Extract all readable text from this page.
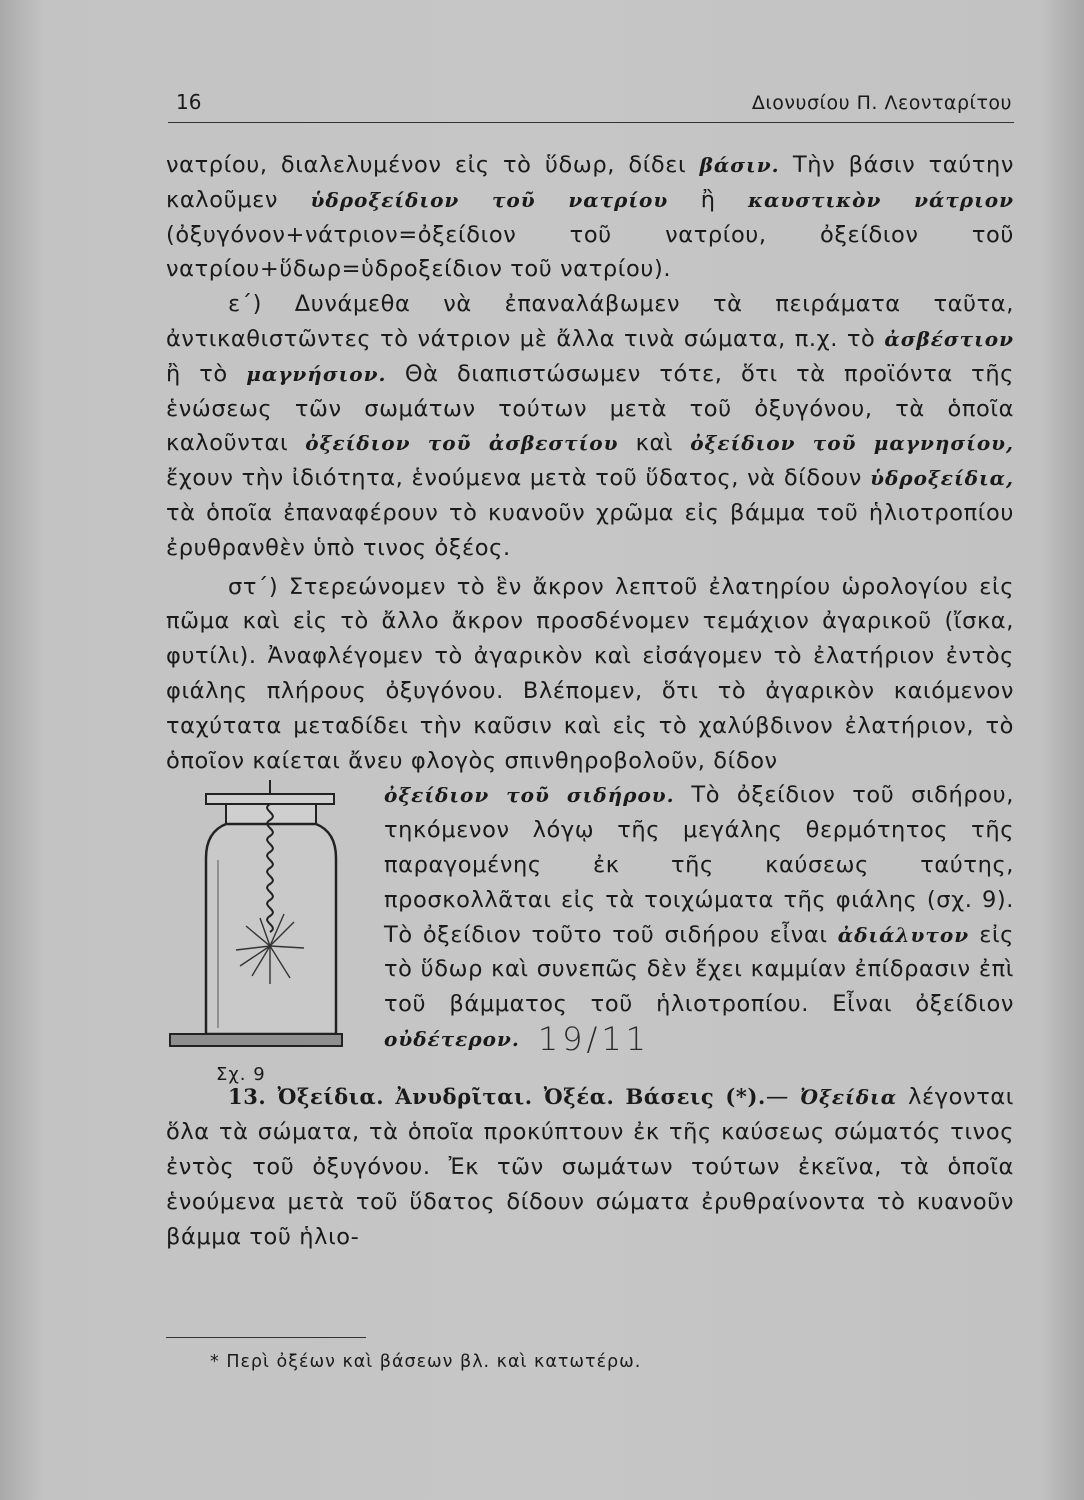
16	Διονυσίου Π. Λεονταρίτου

νατρίου, διαλελυμένον εἰς τὸ ὕδωρ, δίδει βάσιν. Τὴν βάσιν ταύτην καλοῦμεν ὑδροξείδιον τοῦ νατρίου ἢ καυστικὸν νάτριον (ὀξυγόνον+νάτριον=ὀξείδιον τοῦ νατρίου, ὀξείδιον τοῦ νατρίου+ὕδωρ=ὑδροξείδιον τοῦ νατρίου).

ε΄) Δυνάμεθα νὰ ἐπαναλάβωμεν τὰ πειράματα ταῦτα, ἀντικαθιστῶντες τὸ νάτριον μὲ ἄλλα τινὰ σώματα, π.χ. τὸ ἀσβέστιον ἢ τὸ μαγνήσιον. Θὰ διαπιστώσωμεν τότε, ὅτι τὰ προϊόντα τῆς ἑνώσεως τῶν σωμάτων τούτων μετὰ τοῦ ὀξυγόνου, τὰ ὁποῖα καλοῦνται ὀξείδιον τοῦ ἀσβεστίου καὶ ὀξείδιον τοῦ μαγνησίου, ἔχουν τὴν ἰδιότητα, ἑνούμενα μετὰ τοῦ ὕδατος, νὰ δίδουν ὑδροξείδια, τὰ ὁποῖα ἐπαναφέρουν τὸ κυανοῦν χρῶμα εἰς βάμμα τοῦ ἡλιοτροπίου ἐρυθρανθὲν ὑπὸ τινος ὀξέος.

στ΄) Στερεώνομεν τὸ ἓν ἄκρον λεπτοῦ ἐλατηρίου ὡρολογίου εἰς πῶμα καὶ εἰς τὸ ἄλλο ἄκρον προσδένομεν τεμάχιον ἀγαρικοῦ (ἴσκα, φυτίλι). Ἀναφλέγομεν τὸ ἀγαρικὸν καὶ εἰσάγομεν τὸ ἐλατήριον ἐντὸς φιάλης πλήρους ὀξυγόνου. Βλέπομεν, ὅτι τὸ ἀγαρικὸν καιόμενον ταχύτατα μεταδίδει τὴν καῦσιν καὶ εἰς τὸ χαλύβδινον ἐλατήριον, τὸ ὁποῖον καίεται ἄνευ φλογὸς σπινθηροβολοῦν, δίδον

Σχ. 9

ὀξείδιον τοῦ σιδήρου. Τὸ ὀξείδιον τοῦ σιδήρου, τηκόμενον λόγῳ τῆς μεγάλης θερμότητος τῆς παραγομένης ἐκ τῆς καύσεως ταύτης, προσκολλᾶται εἰς τὰ τοιχώματα τῆς φιάλης (σχ. 9). Τὸ ὀξείδιον τοῦτο τοῦ σιδήρου εἶναι ἀδιάλυτον εἰς τὸ ὕδωρ καὶ συνεπῶς δὲν ἔχει καμμίαν ἐπίδρασιν ἐπὶ τοῦ βάμματος τοῦ ἡλιοτροπίου. Εἶναι ὀξείδιον οὐδέτερον. 19/11

13. Ὀξείδια. Ἀνυδρῖται. Ὀξέα. Βάσεις (*).— Ὀξείδια λέγονται ὅλα τὰ σώματα, τὰ ὁποῖα προκύπτουν ἐκ τῆς καύσεως σώματός τινος ἐντὸς τοῦ ὀξυγόνου. Ἐκ τῶν σωμάτων τούτων ἐκεῖνα, τὰ ὁποῖα ἑνούμενα μετὰ τοῦ ὕδατος δίδουν σώματα ἐρυθραίνοντα τὸ κυανοῦν βάμμα τοῦ ἡλιο-

* Περὶ ὀξέων καὶ βάσεων βλ. καὶ κατωτέρω.
